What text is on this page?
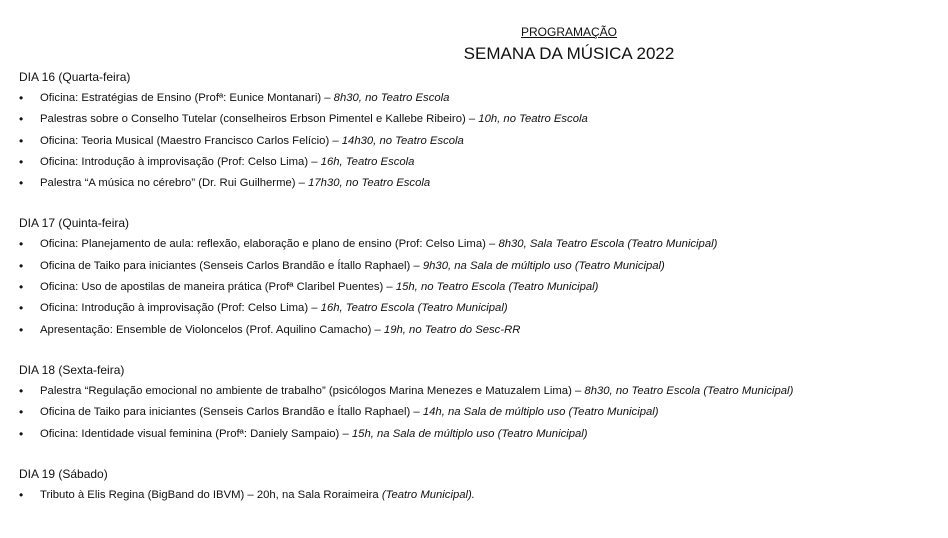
PROGRAMAÇÃO
SEMANA DA MÚSICA 2022
DIA 16 (Quarta-feira)
• Oficina: Estratégias de Ensino (Profª: Eunice Montanari) – 8h30, no Teatro Escola
• Palestras sobre o Conselho Tutelar (conselheiros Erbson Pimentel e Kallebe Ribeiro) – 10h, no Teatro Escola
• Oficina: Teoria Musical (Maestro Francisco Carlos Felício) – 14h30, no Teatro Escola
• Oficina: Introdução à improvisação (Prof: Celso Lima) – 16h, Teatro Escola
• Palestra “A música no cérebro” (Dr. Rui Guilherme) – 17h30, no Teatro Escola
DIA 17 (Quinta-feira)
• Oficina: Planejamento de aula: reflexão, elaboração e plano de ensino (Prof: Celso Lima) – 8h30, Sala Teatro Escola (Teatro Municipal)
• Oficina de Taiko para iniciantes (Senseis Carlos Brandão e Ítallo Raphael) – 9h30, na Sala de múltiplo uso (Teatro Municipal)
• Oficina: Uso de apostilas de maneira prática (Profª Claribel Puentes) – 15h, no Teatro Escola (Teatro Municipal)
• Oficina: Introdução à improvisação (Prof: Celso Lima) – 16h, Teatro Escola (Teatro Municipal)
• Apresentação: Ensemble de Violoncelos (Prof. Aquilino Camacho) – 19h, no Teatro do Sesc-RR
DIA 18 (Sexta-feira)
• Palestra “Regulação emocional no ambiente de trabalho” (psicólogos Marina Menezes e Matuzalem Lima) – 8h30, no Teatro Escola (Teatro Municipal)
• Oficina de Taiko para iniciantes (Senseis Carlos Brandão e Ítallo Raphael) – 14h, na Sala de múltiplo uso (Teatro Municipal)
• Oficina: Identidade visual feminina (Profª: Daniely Sampaio) – 15h, na Sala de múltiplo uso (Teatro Municipal)
DIA 19 (Sábado)
• Tributo à Elis Regina (BigBand do IBVM) – 20h, na Sala Roraimeira (Teatro Municipal).
